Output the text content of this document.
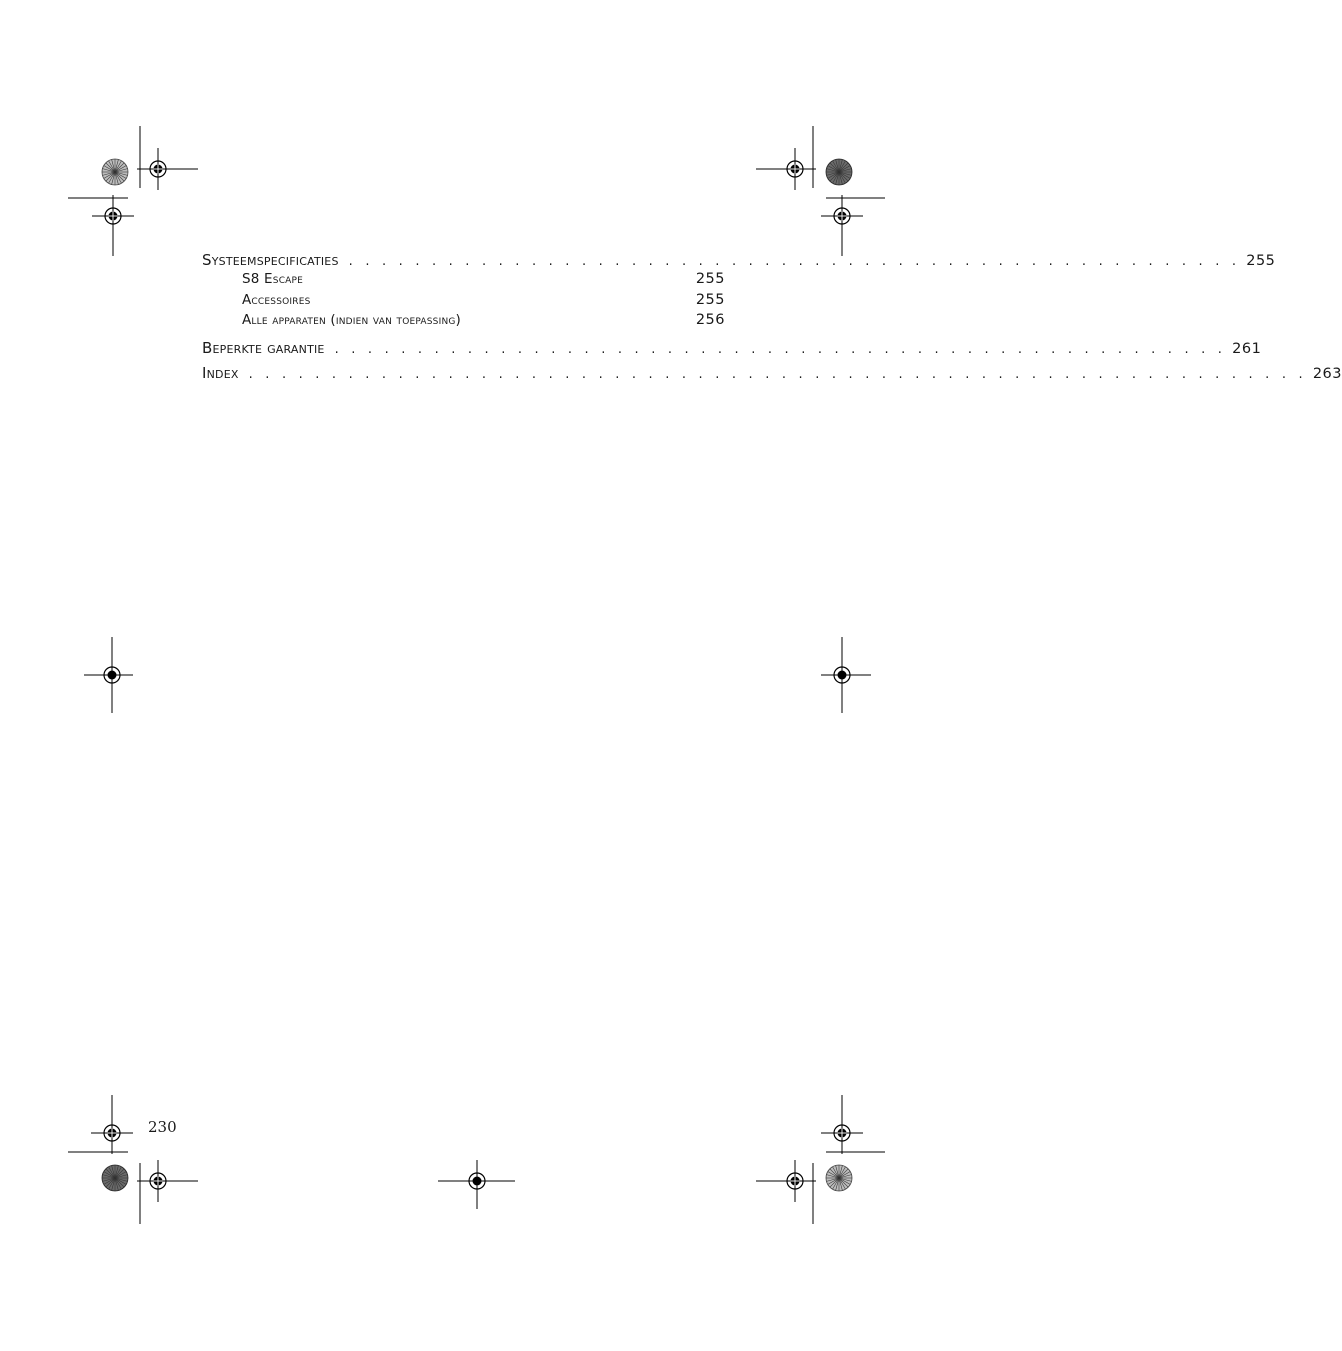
Systeemspecificaties . . . . . . . . . . . . . . . . . . . . . . . . . . . . . . . . . . . . . . . . . . . . . . . . . . . . . . 255
S8 Escape	255
Accessoires	255
Alle apparaten (indien van toepassing)	256
Beperkte garantie . . . . . . . . . . . . . . . . . . . . . . . . . . . . . . . . . . . . . . . . . . . . . . . . . . . . . . 261
Index . . . . . . . . . . . . . . . . . . . . . . . . . . . . . . . . . . . . . . . . . . . . . . . . . . . . . . . . . . . . . . . . 263
230
